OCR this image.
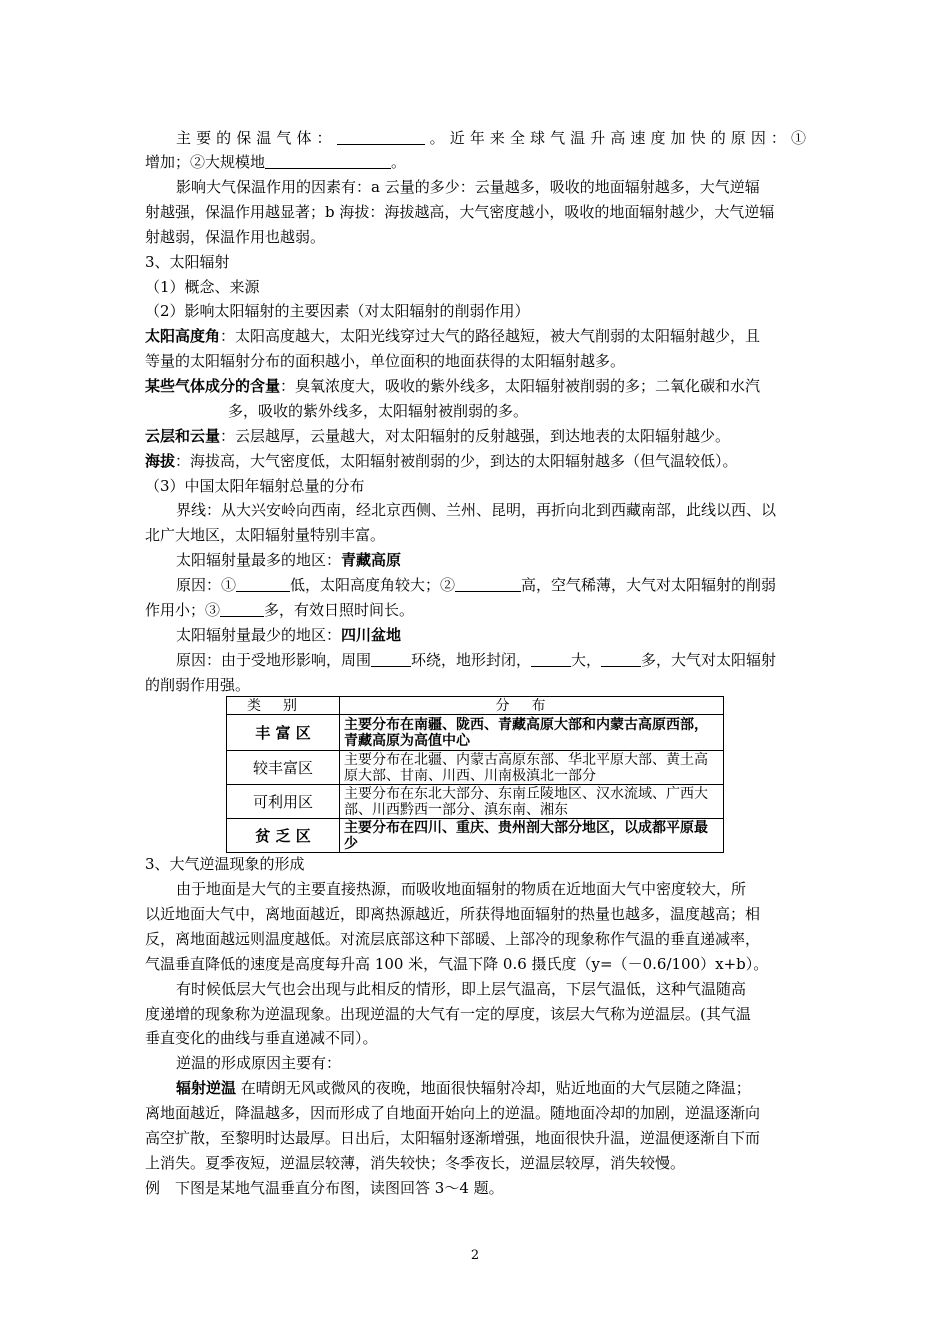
主要的保温气体：	。近年来全球气温升高速度加快的原因：①
增加；②大规模地	。
影响大气保温作用的因素有：a 云量的多少：云量越多，吸收的地面辐射越多，大气逆辐
射越强，保温作用越显著；b 海拔：海拔越高，大气密度越小，吸收的地面辐射越少，大气逆辐
射越弱，保温作用也越弱。
3、太阳辐射
（1）概念、来源
（2）影响太阳辐射的主要因素（对太阳辐射的削弱作用）
太阳高度角：太阳高度越大，太阳光线穿过大气的路径越短，被大气削弱的太阳辐射越少，且
等量的太阳辐射分布的面积越小，单位面积的地面获得的太阳辐射越多。
某些气体成分的含量：臭氧浓度大，吸收的紫外线多，太阳辐射被削弱的多；二氧化碳和水汽
多，吸收的紫外线多，太阳辐射被削弱的多。
云层和云量：云层越厚，云量越大，对太阳辐射的反射越强，到达地表的太阳辐射越少。
海拔：海拔高，大气密度低，太阳辐射被削弱的少，到达的太阳辐射越多（但气温较低）。
（3）中国太阳年辐射总量的分布
界线：从大兴安岭向西南，经北京西侧、兰州、昆明，再折向北到西藏南部，此线以西、以
北广大地区，太阳辐射量特别丰富。
太阳辐射量最多的地区：青藏高原
原因：①	低，太阳高度角较大；②	高，空气稀薄，大气对太阳辐射的削弱
作用小；③	多，有效日照时间长。
太阳辐射量最少的地区：四川盆地
原因：由于受地形影响，周围	环绕，地形封闭，	大，	多，大气对太阳辐射
的削弱作用强。
类别	分布
丰 富 区	主要分布在南疆、陇西、青藏高原大部和内蒙古高原西部，青藏高原为高值中心
较丰富区	主要分布在北疆、内蒙古高原东部、华北平原大部、黄土高原大部、甘南、川西、川南极滇北一部分
可利用区	主要分布在东北大部分、东南丘陵地区、汉水流域、广西大部、川西黔西一部分、滇东南、湘东
贫 乏 区	主要分布在四川、重庆、贵州剖大部分地区，以成都平原最少
3、大气逆温现象的形成
由于地面是大气的主要直接热源，而吸收地面辐射的物质在近地面大气中密度较大，所
以近地面大气中，离地面越近，即离热源越近，所获得地面辐射的热量也越多，温度越高；相
反，离地面越远则温度越低。对流层底部这种下部暖、上部冷的现象称作气温的垂直递减率，
气温垂直降低的速度是高度每升高 100 米，气温下降 0.6 摄氏度（y=（－0.6/100）x+b）。
有时候低层大气也会出现与此相反的情形，即上层气温高，下层气温低，这种气温随高
度递增的现象称为逆温现象。出现逆温的大气有一定的厚度，该层大气称为逆温层。(其气温
垂直变化的曲线与垂直递减不同）。
逆温的形成原因主要有：
辐射逆温 在晴朗无风或微风的夜晚，地面很快辐射冷却，贴近地面的大气层随之降温；
离地面越近，降温越多，因而形成了自地面开始向上的逆温。随地面冷却的加剧，逆温逐渐向
高空扩散，至黎明时达最厚。日出后，太阳辐射逐渐增强，地面很快升温，逆温便逐渐自下而
上消失。夏季夜短，逆温层较薄，消失较快；冬季夜长，逆温层较厚，消失较慢。
例　下图是某地气温垂直分布图，读图回答 3～4 题。
2
